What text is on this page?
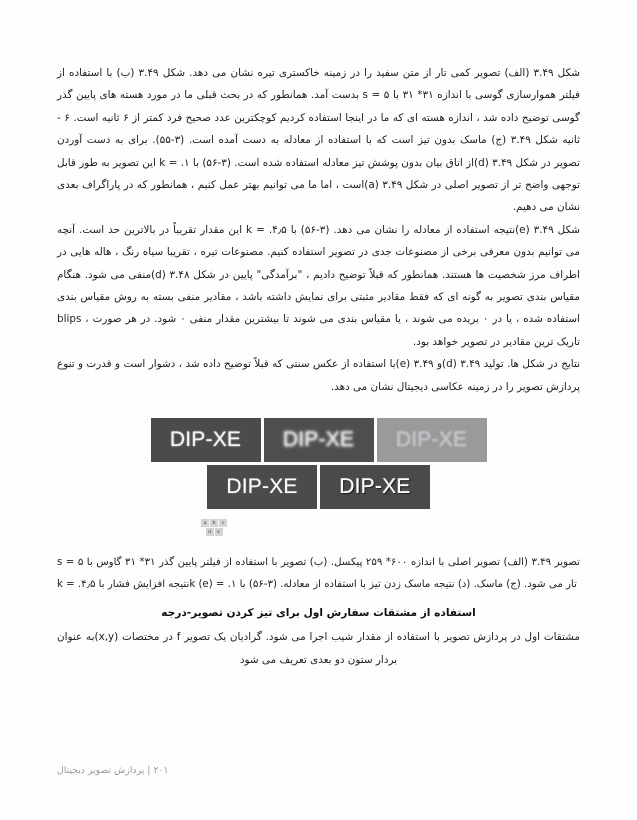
شکل ۳.۴۹ (الف) تصویر کمی تار از متن سفید را در زمینه خاکستری تیره نشان می دهد. شکل ۳.۴۹ (ب) با استفاده از فیلتر هموارسازی گوسی با اندازه ۳۱* ۳۱ با ۵ = s بدست آمد. همانطور که در بحث قبلی ما در مورد هسته های پایین گذر گوسی توضیح داده شد ، اندازه هسته ای که ما در اینجا استفاده کردیم کوچکترین عدد صحیح فرد کمتر از ۶ ثانیه است. ۶ - ثانیه شکل ۳.۴۹ (ج) ماسک بدون تیز است که با استفاده از معادله به دست آمده است. (۳-۵۵). برای به دست آوردن تصویر در شکل ۳.۴۹ (d)از اتاق بیان بدون پوشش تیز معادله استفاده شده است. (۳-۵۶) با ۱. = k این تصویر به طور قابل توجهی واضح تر از تصویر اصلی در شکل ۳.۴۹ (a)است ، اما ما می توانیم بهتر عمل کنیم ، همانطور که در پاراگراف بعدی نشان می دهیم.

شکل ۳.۴۹ (e)نتیجه استفاده از معادله را نشان می دهد. (۳-۵۶) با ۴٫۵. = k این مقدار تقریباً در بالاترین حد است. آنچه می توانیم بدون معرفی برخی از مصنوعات جدی در تصویر استفاده کنیم. مصنوعات تیره ، تقریبا سیاه رنگ ، هاله هایی در اطراف مرز شخصیت ها هستند. همانطور که قبلاً توضیح دادیم ، "برآمدگی" پایین در شکل ۳.۴۸ (d)منفی می شود. هنگام مقیاس بندی تصویر به گونه ای که فقط مقادیر مثبتی برای نمایش داشته باشد ، مقادیر منفی بسته به روش مقیاس بندی استفاده شده ، یا در ۰ بریده می شوند ، یا مقیاس بندی می شوند تا بیشترین مقدار منفی ۰ شود. در هر صورت ، blips تاریک ترین مقادیر در تصویر خواهد بود.

نتایج در شکل ها. تولید ۳.۴۹ (d)و ۳.۴۹ (e)با استفاده از عکس سنتی که قبلاً توضیح داده شد ، دشوار است و قدرت و تنوع پردازش تصویر را در زمینه عکاسی دیجیتال نشان می دهد.

DIP-XE DIP-XE DIP-XE
DIP-XE DIP-XE
a	b	c
d	e

تصویر ۳.۴۹ (الف) تصویر اصلی با اندازه ۶۰۰* ۲۵۹ پیکسل. (ب) تصویر با استفاده از فیلتر پایین گذر ۳۱* ۳۱ گاوس با ۵ = s تار می شود. (ج) ماسک. (د) نتیجه ماسک زدن تیز با استفاده از معادله. (۳-۵۶) با ۱. = k (e)نتیجه افزایش فشار با ۴٫۵. = k

استفاده از مشتقات سفارش اول برای تیز کردن تصویر-درجه

مشتقات اول در پردازش تصویر با استفاده از مقدار شیب اجرا می شود. گرادیان یک تصویر f در مختصات (x,y)به عنوان بردار ستون دو بعدی تعریف می شود

۲۰۱|پردازش تصویر دیجیتال
